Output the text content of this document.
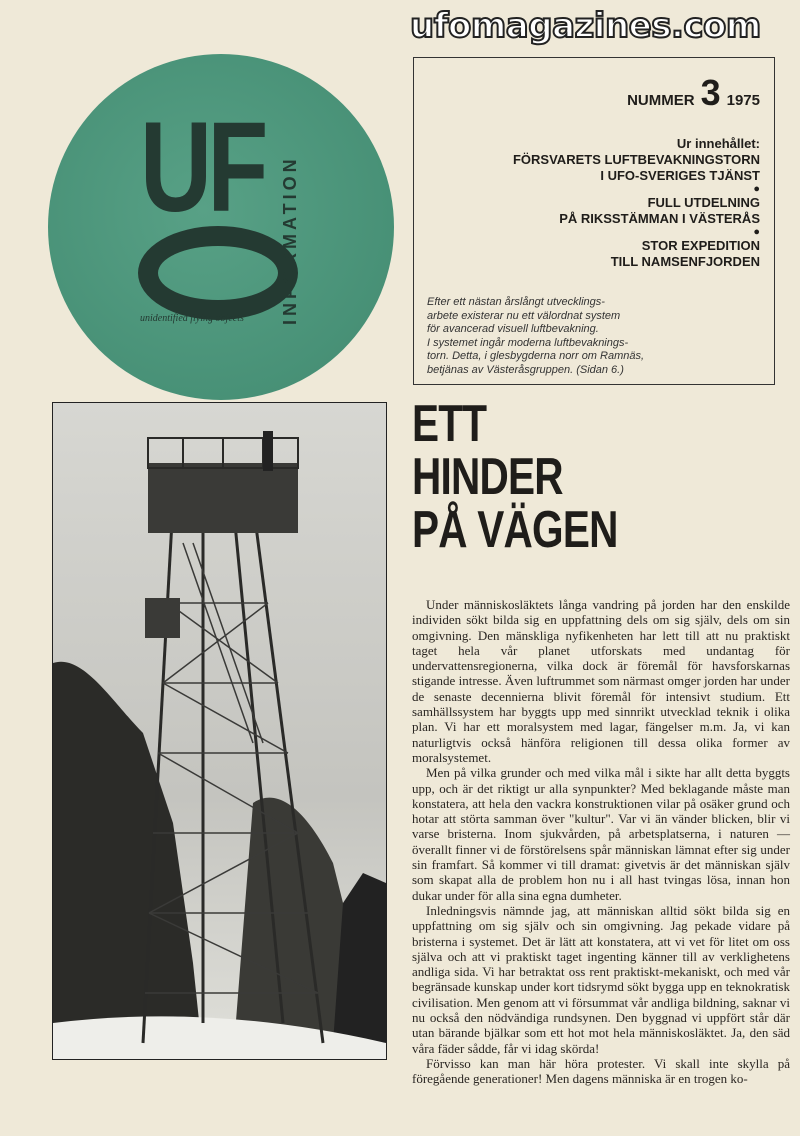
UF INFORMATION
unidentified flying objects
NUMMER 3 1975
Ur innehållet:
FÖRSVARETS LUFTBEVAKNINGSTORN
I UFO-SVERIGES TJÄNST
●
FULL UTDELNING
PÅ RIKSSTÄMMAN I VÄSTERÅS
●
STOR EXPEDITION
TILL NAMSENFJORDEN
Efter ett nästan årslångt utvecklings-
arbete existerar nu ett välordnat system
för avancerad visuell luftbevakning.
I systemet ingår moderna luftbevaknings-
torn. Detta, i glesbygderna norr om Ramnäs,
betjänas av Västeråsgruppen. (Sidan 6.)
ETT
HINDER
PÅ VÄGEN

Under människosläktets långa vandring på jorden har den enskilde individen sökt bilda sig en uppfattning dels om sig själv, dels om sin omgivning. Den mänskliga nyfikenheten har lett till att nu praktiskt taget hela vår planet utforskats med undantag för undervattensregionerna, vilka dock är föremål för havsforskarnas stigande intresse. Även luftrummet som närmast omger jorden har under de senaste decennierna blivit föremål för intensivt studium. Ett samhällssystem har byggts upp med sinnrikt utvecklad teknik i olika plan. Vi har ett moralsystem med lagar, fängelser m.m. Ja, vi kan naturligtvis också hänföra religionen till dessa olika former av moralsystemet.

Men på vilka grunder och med vilka mål i sikte har allt detta byggts upp, och är det riktigt ur alla synpunkter? Med beklagande måste man konstatera, att hela den vackra konstruktionen vilar på osäker grund och hotar att störta samman över "kultur". Var vi än vänder blicken, blir vi varse bristerna. Inom sjukvården, på arbetsplatserna, i naturen — överallt finner vi de förstörelsens spår människan lämnat efter sig under sin framfart. Så kommer vi till dramat: givetvis är det människan själv som skapat alla de problem hon nu i all hast tvingas lösa, innan hon dukar under för alla sina egna dumheter.

Inledningsvis nämnde jag, att människan alltid sökt bilda sig en uppfattning om sig själv och sin omgivning. Jag pekade vidare på bristerna i systemet. Det är lätt att konstatera, att vi vet för litet om oss själva och att vi praktiskt taget ingenting känner till av verklighetens andliga sida. Vi har betraktat oss rent praktiskt-mekaniskt, och med vår begränsade kunskap under kort tidsrymd sökt bygga upp en teknokratisk civilisation. Men genom att vi försummat vår andliga bildning, saknar vi nu också den nödvändiga rundsynen. Den byggnad vi uppfört står där utan bärande bjälkar som ett hot mot hela människosläktet. Ja, den säd våra fäder sådde, får vi idag skörda!

Förvisso kan man här höra protester. Vi skall inte skylla på föregående generationer! Men dagens människa är en trogen ko-

ufomagazines.com
